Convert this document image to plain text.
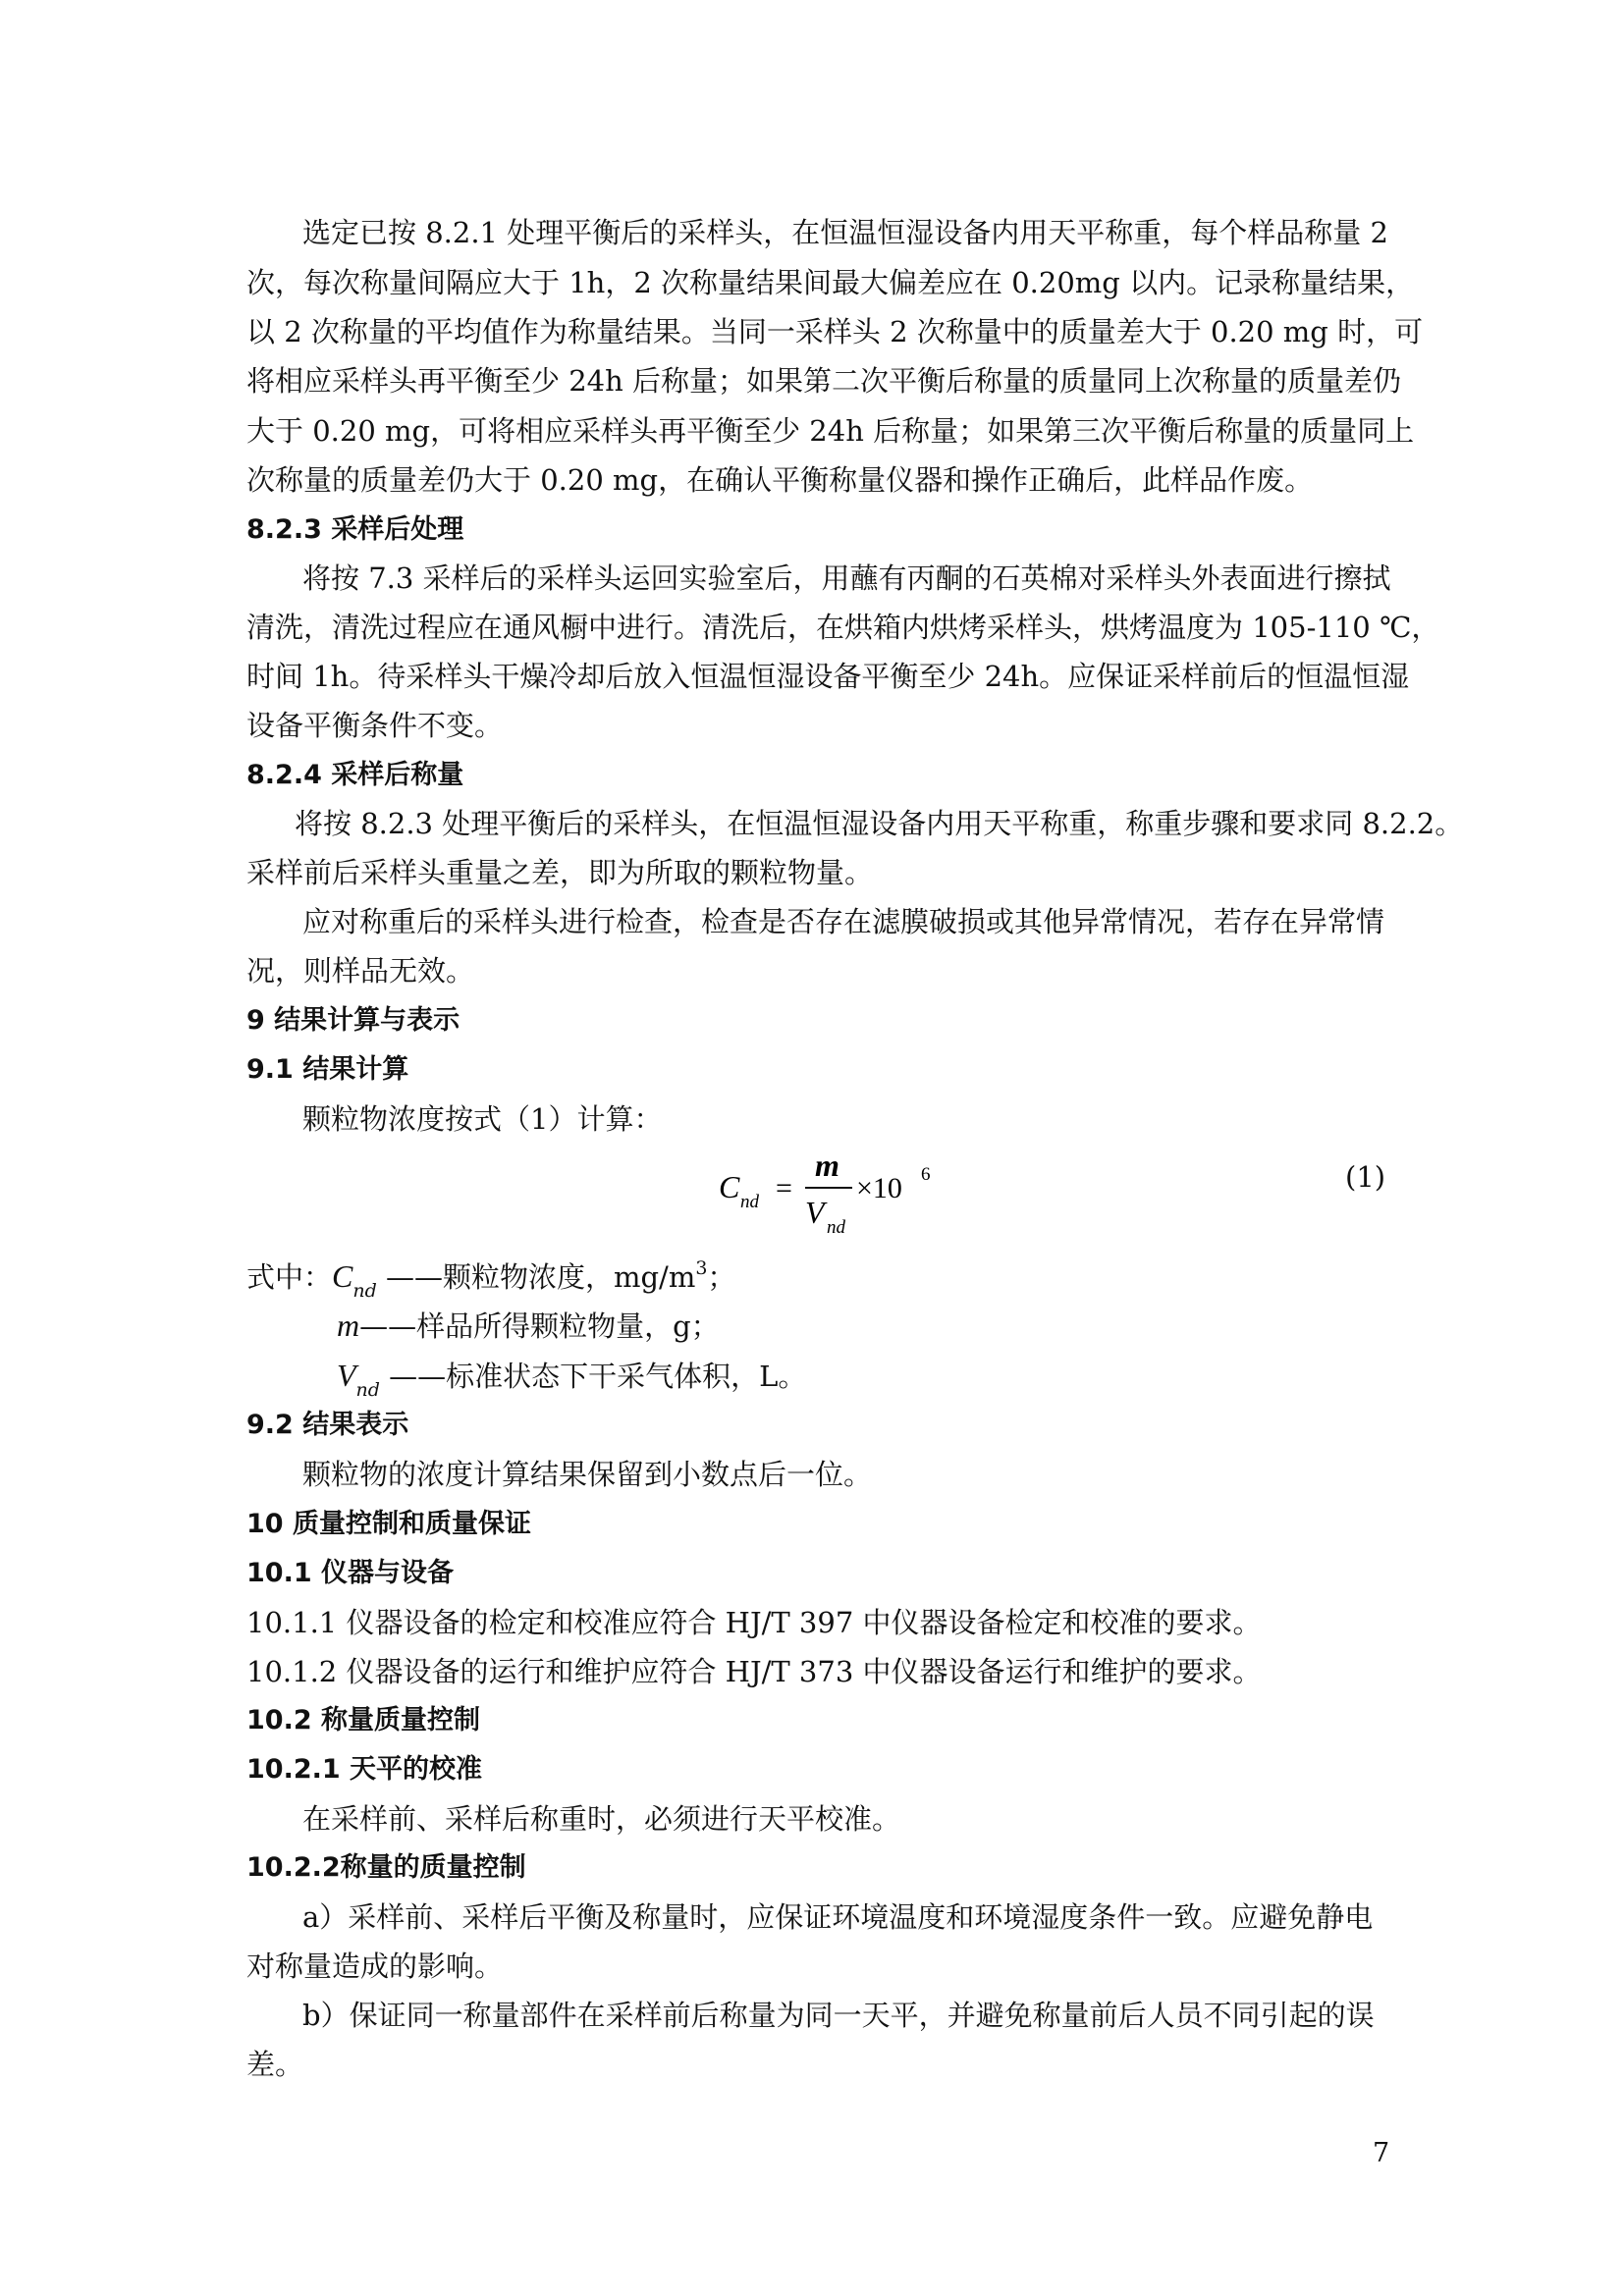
选定已按 8.2.1 处理平衡后的采样头，在恒温恒湿设备内用天平称重，每个样品称量 2
次，每次称量间隔应大于 1h，2 次称量结果间最大偏差应在 0.20mg 以内。记录称量结果，
以 2 次称量的平均值作为称量结果。当同一采样头 2 次称量中的质量差大于 0.20 mg 时，可
将相应采样头再平衡至少 24h 后称量；如果第二次平衡后称量的质量同上次称量的质量差仍
大于 0.20 mg，可将相应采样头再平衡至少 24h 后称量；如果第三次平衡后称量的质量同上
次称量的质量差仍大于 0.20 mg，在确认平衡称量仪器和操作正确后，此样品作废。
8.2.3 采样后处理
将按 7.3 采样后的采样头运回实验室后，用蘸有丙酮的石英棉对采样头外表面进行擦拭
清洗，清洗过程应在通风橱中进行。清洗后，在烘箱内烘烤采样头，烘烤温度为 105-110 ℃，
时间 1h。待采样头干燥冷却后放入恒温恒湿设备平衡至少 24h。应保证采样前后的恒温恒湿
设备平衡条件不变。
8.2.4 采样后称量
将按 8.2.3 处理平衡后的采样头，在恒温恒湿设备内用天平称重，称重步骤和要求同 8.2.2。
采样前后采样头重量之差，即为所取的颗粒物量。
应对称重后的采样头进行检查，检查是否存在滤膜破损或其他异常情况，若存在异常情
况，则样品无效。
9 结果计算与表示
9.1 结果计算
颗粒物浓度按式（1）计算：
C nd =
m
V nd
×10 6	(1)
式中：$C_{nd}$ ——颗粒物浓度，$mg/m^3$；
m——样品所得颗粒物量，g；
$V_{nd}$ ——标准状态下干采气体积，L。
9.2 结果表示
颗粒物的浓度计算结果保留到小数点后一位。
10 质量控制和质量保证
10.1 仪器与设备
10.1.1 仪器设备的检定和校准应符合 HJ/T 397 中仪器设备检定和校准的要求。
10.1.2 仪器设备的运行和维护应符合 HJ/T 373 中仪器设备运行和维护的要求。
10.2 称量质量控制
10.2.1 天平的校准
在采样前、采样后称重时，必须进行天平校准。
10.2.2称量的质量控制
a）采样前、采样后平衡及称量时，应保证环境温度和环境湿度条件一致。应避免静电
对称量造成的影响。
b）保证同一称量部件在采样前后称量为同一天平，并避免称量前后人员不同引起的误
差。
7
